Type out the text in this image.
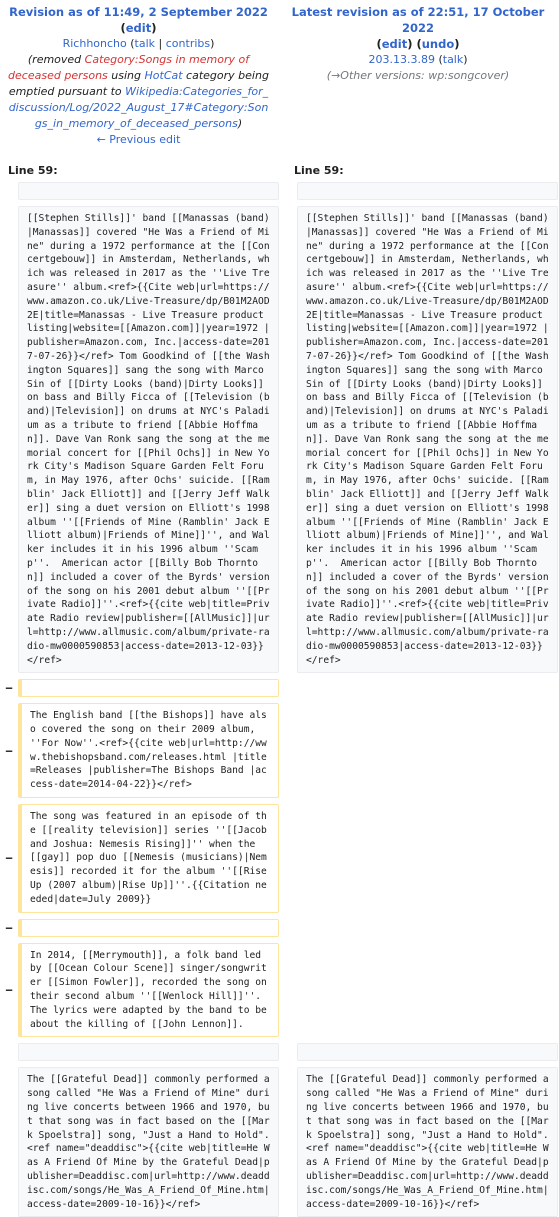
Revision as of 11:49, 2 September 2022 (edit)
Richhoncho (talk | contribs)
(removed Category:Songs in memory of deceased persons using HotCat category being emptied pursuant to Wikipedia:Categories_for_discussion/Log/2022_August_17#Category:Songs_in_memory_of_deceased_persons)
← Previous edit
Latest revision as of 22:51, 17 October 2022
(edit) (undo)
203.13.3.89 (talk)
(→Other versions: wp:songcover)
Line 59:	Line 59:
[[Stephen Stills]]' band [[Manassas (band)|Manassas]] covered "He Was a Friend of Mine" during a 1972 performance at the [[Concertgebouw]] in Amsterdam, Netherlands, which was released in 2017 as the ''Live Treasure'' album.<ref>{{Cite web|url=https://www.amazon.co.uk/Live-Treasure/dp/B01M2AOD2E|title=Manassas - Live Treasure product listing|website=[[Amazon.com]]|year=1972 |publisher=Amazon.com, Inc.|access-date=2017-07-26}}</ref> Tom Goodkind of [[the Washington Squares]] sang the song with Marco Sin of [[Dirty Looks (band)|Dirty Looks]] on bass and Billy Ficca of [[Television (band)|Television]] on drums at NYC's Paladium as a tribute to friend [[Abbie Hoffman]]. Dave Van Ronk sang the song at the memorial concert for [[Phil Ochs]] in New York City's Madison Square Garden Felt Forum, in May 1976, after Ochs' suicide. [[Ramblin' Jack Elliott]] and [[Jerry Jeff Walker]] sing a duet version on Elliott's 1998 album ''[[Friends of Mine (Ramblin' Jack Elliott album)|Friends of Mine]]'', and Walker includes it in his 1996 album ''Scamp''.  American actor [[Billy Bob Thornton]] included a cover of the Byrds' version of the song on his 2001 debut album ''[[Private Radio]]''.<ref>{{cite web|title=Private Radio review|publisher=[[AllMusic]]|url=http://www.allmusic.com/album/private-radio-mw0000590853|access-date=2013-12-03}}</ref>
[[Stephen Stills]]' band [[Manassas (band)|Manassas]] covered "He Was a Friend of Mine" during a 1972 performance at the [[Concertgebouw]] in Amsterdam, Netherlands, which was released in 2017 as the ''Live Treasure'' album.<ref>{{Cite web|url=https://www.amazon.co.uk/Live-Treasure/dp/B01M2AOD2E|title=Manassas - Live Treasure product listing|website=[[Amazon.com]]|year=1972 |publisher=Amazon.com, Inc.|access-date=2017-07-26}}</ref> Tom Goodkind of [[the Washington Squares]] sang the song with Marco Sin of [[Dirty Looks (band)|Dirty Looks]] on bass and Billy Ficca of [[Television (band)|Television]] on drums at NYC's Paladium as a tribute to friend [[Abbie Hoffman]]. Dave Van Ronk sang the song at the memorial concert for [[Phil Ochs]] in New York City's Madison Square Garden Felt Forum, in May 1976, after Ochs' suicide. [[Ramblin' Jack Elliott]] and [[Jerry Jeff Walker]] sing a duet version on Elliott's 1998 album ''[[Friends of Mine (Ramblin' Jack Elliott album)|Friends of Mine]]'', and Walker includes it in his 1996 album ''Scamp''.  American actor [[Billy Bob Thornton]] included a cover of the Byrds' version of the song on his 2001 debut album ''[[Private Radio]]''.<ref>{{cite web|title=Private Radio review|publisher=[[AllMusic]]|url=http://www.allmusic.com/album/private-radio-mw0000590853|access-date=2013-12-03}}</ref>
−
−
The English band [[the Bishops]] have also covered the song on their 2009 album, ''For Now''.<ref>{{cite web|url=http://www.thebishopsband.com/releases.html |title=Releases |publisher=The Bishops Band |access-date=2014-04-22}}</ref>
−
The song was featured in an episode of the [[reality television]] series ''[[Jacob and Joshua: Nemesis Rising]]'' when the [[gay]] pop duo [[Nemesis (musicians)|Nemesis]] recorded it for the album ''[[Rise Up (2007 album)|Rise Up]]''.{{Citation needed|date=July 2009}}
−
−
In 2014, [[Merrymouth]], a folk band led by [[Ocean Colour Scene]] singer/songwriter [[Simon Fowler]], recorded the song on their second album ''[[Wenlock Hill]]''. The lyrics were adapted by the band to be about the killing of [[John Lennon]].
The [[Grateful Dead]] commonly performed a song called "He Was a Friend of Mine" during live concerts between 1966 and 1970, but that song was in fact based on the [[Mark Spoelstra]] song, "Just a Hand to Hold".<ref name="deaddisc">{{cite web|title=He Was A Friend Of Mine by the Grateful Dead|publisher=Deaddisc.com|url=http://www.deaddisc.com/songs/He_Was_A_Friend_Of_Mine.htm|access-date=2009-10-16}}</ref>
The [[Grateful Dead]] commonly performed a song called "He Was a Friend of Mine" during live concerts between 1966 and 1970, but that song was in fact based on the [[Mark Spoelstra]] song, "Just a Hand to Hold".<ref name="deaddisc">{{cite web|title=He Was A Friend Of Mine by the Grateful Dead|publisher=Deaddisc.com|url=http://www.deaddisc.com/songs/He_Was_A_Friend_Of_Mine.htm|access-date=2009-10-16}}</ref>
